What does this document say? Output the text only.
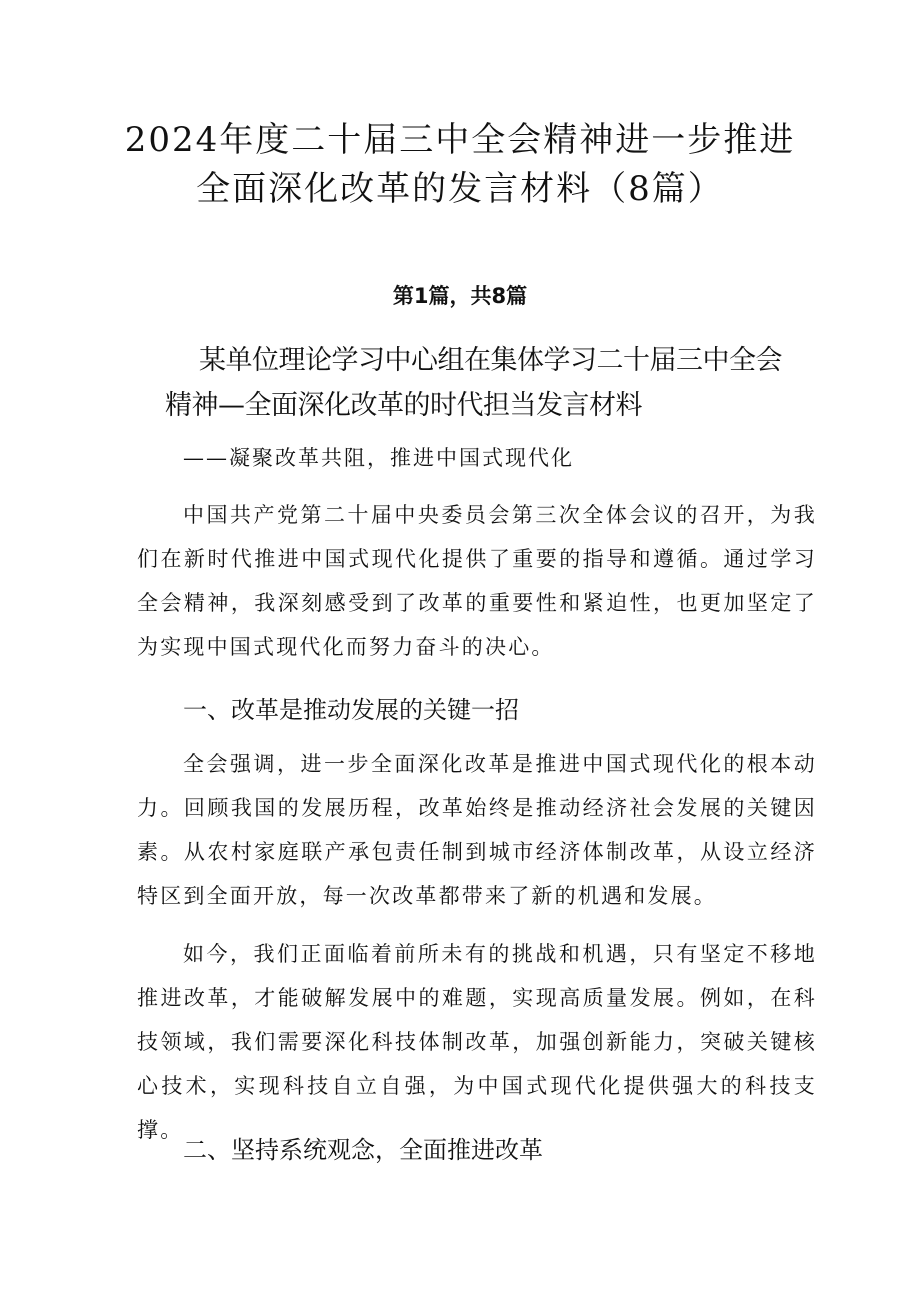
2024年度二十届三中全会精神进一步推进
全面深化改革的发言材料（8篇）
第1篇，共8篇
某单位理论学习中心组在集体学习二十届三中全会
精神—全面深化改革的时代担当发言材料
——凝聚改革共阻，推进中国式现代化
中国共产党第二十届中央委员会第三次全体会议的召开，为我们在新时代推进中国式现代化提供了重要的指导和遵循。通过学习全会精神，我深刻感受到了改革的重要性和紧迫性，也更加坚定了为实现中国式现代化而努力奋斗的决心。
一、改革是推动发展的关键一招
全会强调，进一步全面深化改革是推进中国式现代化的根本动力。回顾我国的发展历程，改革始终是推动经济社会发展的关键因素。从农村家庭联产承包责任制到城市经济体制改革，从设立经济特区到全面开放，每一次改革都带来了新的机遇和发展。
如今，我们正面临着前所未有的挑战和机遇，只有坚定不移地推进改革，才能破解发展中的难题，实现高质量发展。例如，在科技领域，我们需要深化科技体制改革，加强创新能力，突破关键核心技术，实现科技自立自强，为中国式现代化提供强大的科技支撑。
二、坚持系统观念，全面推进改革
